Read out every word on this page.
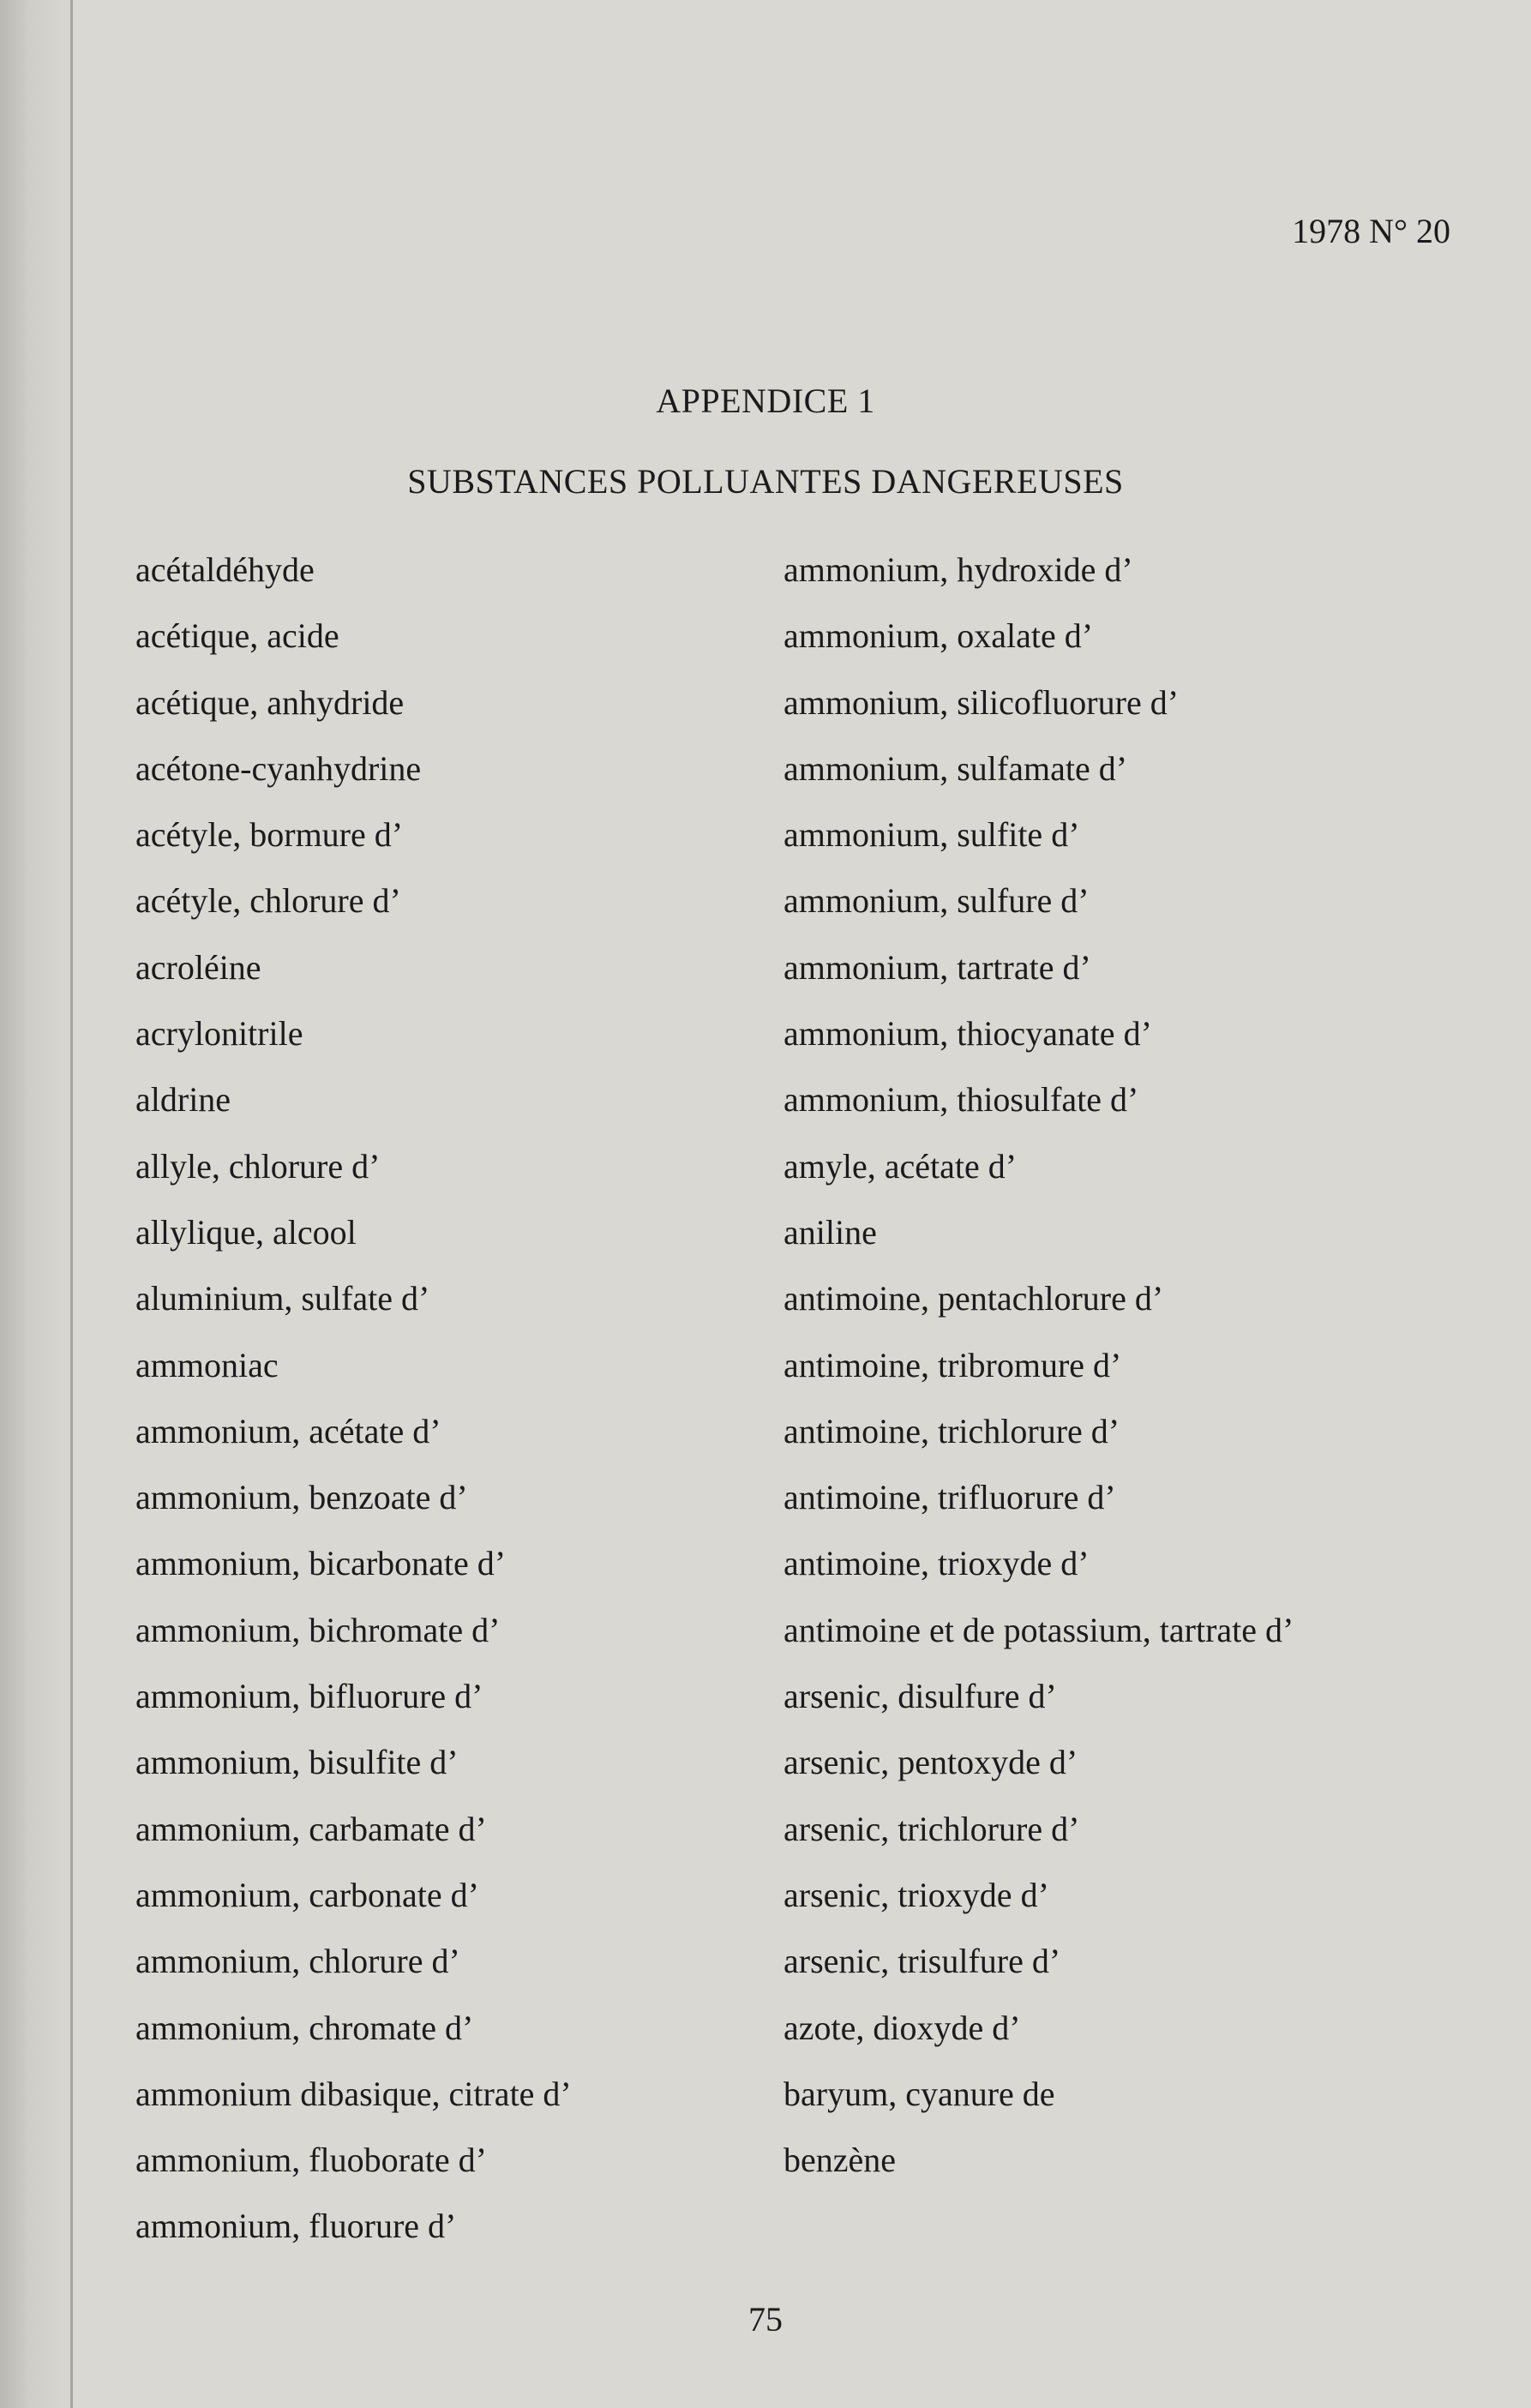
1978 N° 20
APPENDICE 1
SUBSTANCES POLLUANTES DANGEREUSES
acétaldéhyde
acétique, acide
acétique, anhydride
acétone-cyanhydrine
acétyle, bormure d’
acétyle, chlorure d’
acroléine
acrylonitrile
aldrine
allyle, chlorure d’
allylique, alcool
aluminium, sulfate d’
ammoniac
ammonium, acétate d’
ammonium, benzoate d’
ammonium, bicarbonate d’
ammonium, bichromate d’
ammonium, bifluorure d’
ammonium, bisulfite d’
ammonium, carbamate d’
ammonium, carbonate d’
ammonium, chlorure d’
ammonium, chromate d’
ammonium dibasique, citrate d’
ammonium, fluoborate d’
ammonium, fluorure d’
ammonium, hydroxide d’
ammonium, oxalate d’
ammonium, silicofluorure d’
ammonium, sulfamate d’
ammonium, sulfite d’
ammonium, sulfure d’
ammonium, tartrate d’
ammonium, thiocyanate d’
ammonium, thiosulfate d’
amyle, acétate d’
aniline
antimoine, pentachlorure d’
antimoine, tribromure d’
antimoine, trichlorure d’
antimoine, trifluorure d’
antimoine, trioxyde d’
antimoine et de potassium, tartrate d’
arsenic, disulfure d’
arsenic, pentoxyde d’
arsenic, trichlorure d’
arsenic, trioxyde d’
arsenic, trisulfure d’
azote, dioxyde d’
baryum, cyanure de
benzène
75
